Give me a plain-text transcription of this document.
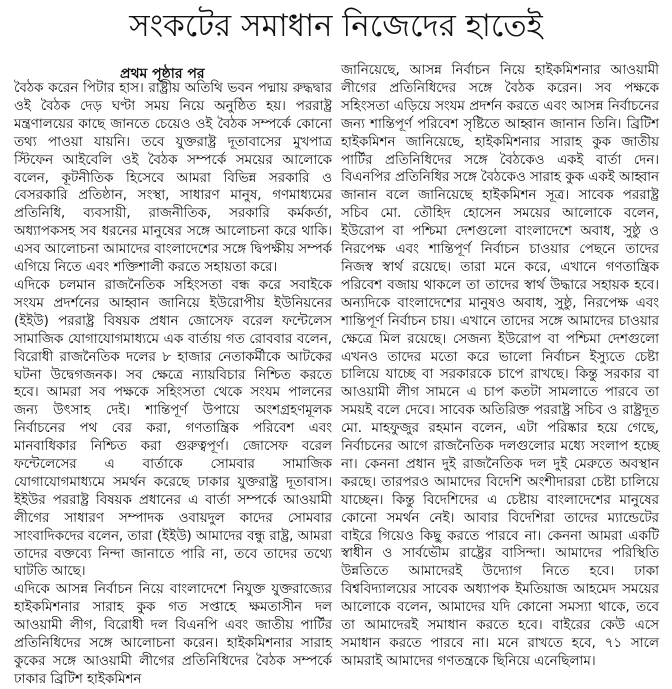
সংকটের সমাধান নিজেদের হাতেই
প্রথম পৃষ্ঠার পর

বৈঠক করেন পিটার হাস। রাষ্ট্রীয় অতিথি ভবন পদ্মায় রুদ্ধদ্বার ওই বৈঠক দেড় ঘণ্টা সময় নিয়ে অনুষ্ঠিত হয়। পররাষ্ট্র মন্ত্রণালয়ের কাছে জানতে চেয়েও ওই বৈঠক সম্পর্কে কোনো তথ্য পাওয়া যায়নি। তবে যুক্তরাষ্ট্র দূতাবাসের মুখপাত্র স্টিফেন আইবেলি ওই বৈঠক সম্পর্কে সময়ের আলোকে বলেন, কূটনীতিক হিসেবে আমরা বিভিন্ন সরকারি ও বেসরকারি প্রতিষ্ঠান, সংস্থা, সাধারণ মানুষ, গণমাধ্যমের প্রতিনিধি, ব্যবসায়ী, রাজনীতিক, সরকারি কর্মকর্তা, অধ্যাপকসহ সব ধরনের মানুষের সঙ্গে আলোচনা করে থাকি। এসব আলোচনা আমাদের বাংলাদেশের সঙ্গে দ্বিপক্ষীয় সম্পর্ক এগিয়ে নিতে এবং শক্তিশালী করতে সহায়তা করে।

এদিকে চলমান রাজনৈতিক সহিংসতা বন্ধ করে সবাইকে সংযম প্রদর্শনের আহ্বান জানিয়ে ইউরোপীয় ইউনিয়নের (ইইউ) পররাষ্ট্র বিষয়ক প্রধান জোসেফ বরেল ফন্টেলেস সামাজিক যোগাযোগমাধ্যমে এক বার্তায় গত রোববার বলেন, বিরোধী রাজনৈতিক দলের ৮ হাজার নেতাকর্মীকে আটকের ঘটনা উদ্বেগজনক। সব ক্ষেত্রে ন্যায়বিচার নিশ্চিত করতে হবে। আমরা সব পক্ষকে সহিংসতা থেকে সংযম পালনের জন্য উৎসাহ দেই। শান্তিপূর্ণ উপায়ে অংশগ্রহণমূলক নির্বাচনের পথ বের করা, গণতান্ত্রিক পরিবেশ এবং মানবাধিকার নিশ্চিত করা গুরুত্বপূর্ণ। জোসেফ বরেল ফন্টেলেসের এ বার্তাকে সোমবার সামাজিক যোগাযোগমাধ্যমে সমর্থন করেছে ঢাকার যুক্তরাষ্ট্র দূতাবাস। ইইউর পররাষ্ট্র বিষয়ক প্রধানের এ বার্তা সম্পর্কে আওয়ামী লীগের সাধারণ সম্পাদক ওবায়দুল কাদের সোমবার সাংবাদিকদের বলেন, তারা (ইইউ) আমাদের বন্ধু রাষ্ট্র, আমরা তাদের বক্তব্যে নিন্দা জানাতে পারি না, তবে তাদের তথ্যে ঘাটতি আছে।

এদিকে আসন্ন নির্বাচন নিয়ে বাংলাদেশে নিযুক্ত যুক্তরাজ্যের হাইকমিশনার সারাহ কুক গত সপ্তাহে ক্ষমতাসীন দল আওয়ামী লীগ, বিরোধী দল বিএনপি এবং জাতীয় পার্টির প্রতিনিধিদের সঙ্গে আলোচনা করেন। হাইকমিশনার সারাহ কুকের সঙ্গে আওয়ামী লীগের প্রতিনিধিদের বৈঠক সম্পর্কে ঢাকার ব্রিটিশ হাইকমিশন

জানিয়েছে, আসন্ন নির্বাচন নিয়ে হাইকমিশনার আওয়ামী লীগের প্রতিনিধিদের সঙ্গে বৈঠক করেন। সব পক্ষকে সহিংসতা এড়িয়ে সংযম প্রদর্শন করতে এবং আসন্ন নির্বাচনের জন্য শান্তিপূর্ণ পরিবেশ সৃষ্টিতে আহ্বান জানান তিনি। ব্রিটিশ হাইকমিশন জানিয়েছে, হাইকমিশনার সারাহ কুক জাতীয় পার্টির প্রতিনিধিদের সঙ্গে বৈঠকেও একই বার্তা দেন। বিএনপির প্রতিনিধির সঙ্গে বৈঠকেও সারাহ কুক একই আহ্বান জানান বলে জানিয়েছে হাইকমিশন সূত্র। সাবেক পররাষ্ট্র সচিব মো. তৌহিদ হোসেন সময়ের আলোকে বলেন, ইউরোপ বা পশ্চিমা দেশগুলো বাংলাদেশে অবাধ, সুষ্ঠু ও নিরপেক্ষ এবং শান্তিপূর্ণ নির্বাচন চাওয়ার পেছনে তাদের নিজস্ব স্বার্থ রয়েছে। তারা মনে করে, এখানে গণতান্ত্রিক পরিবেশ বজায় থাকলে তা তাদের স্বার্থ উদ্ধারে সহায়ক হবে। অন্যদিকে বাংলাদেশের মানুষও অবাধ, সুষ্ঠু, নিরপেক্ষ এবং শান্তিপূর্ণ নির্বাচন চায়। এখানে তাদের সঙ্গে আমাদের চাওয়ার ক্ষেত্রে মিল রয়েছে। সেজন্য ইউরোপ বা পশ্চিমা দেশগুলো এখনও তাদের মতো করে ভালো নির্বাচন ইস্যুতে চেষ্টা চালিয়ে যাচ্ছে বা সরকারকে চাপে রাখছে। কিন্তু সরকার বা আওয়ামী লীগ সামনে এ চাপ কতটা সামলাতে পারবে তা সময়ই বলে দেবে। সাবেক অতিরিক্ত পররাষ্ট্র সচিব ও রাষ্ট্রদূত মো. মাহফুজুর রহমান বলেন, এটা পরিষ্কার হয়ে গেছে, নির্বাচনের আগে রাজনৈতিক দলগুলোর মধ্যে সংলাপ হচ্ছে না। কেননা প্রধান দুই রাজনৈতিক দল দুই মেরুতে অবস্থান করছে। তারপরও আমাদের বিদেশি অংশীদাররা চেষ্টা চালিয়ে যাচ্ছেন। কিন্তু বিদেশিদের এ চেষ্টায় বাংলাদেশের মানুষের কোনো সমর্থন নেই। আবার বিদেশিরা তাদের ম্যান্ডেটের বাইরে গিয়েও কিছু করতে পারবে না। কেননা আমরা একটি স্বাধীন ও সার্বভৌম রাষ্ট্রের বাসিন্দা। আমাদের পরিস্থিতি উন্নতিতে আমাদেরই উদ্যোগ নিতে হবে। ঢাকা বিশ্ববিদ্যালয়ের সাবেক অধ্যাপক ইমতিয়াজ আহমেদ সময়ের আলোকে বলেন, আমাদের যদি কোনো সমস্যা থাকে, তবে তা আমাদেরই সমাধান করতে হবে। বাইরের কেউ এসে সমাধান করতে পারবে না। মনে রাখতে হবে, ৭১ সালে আমরাই আমাদের গণতন্ত্রকে ছিনিয়ে এনেছিলাম।
